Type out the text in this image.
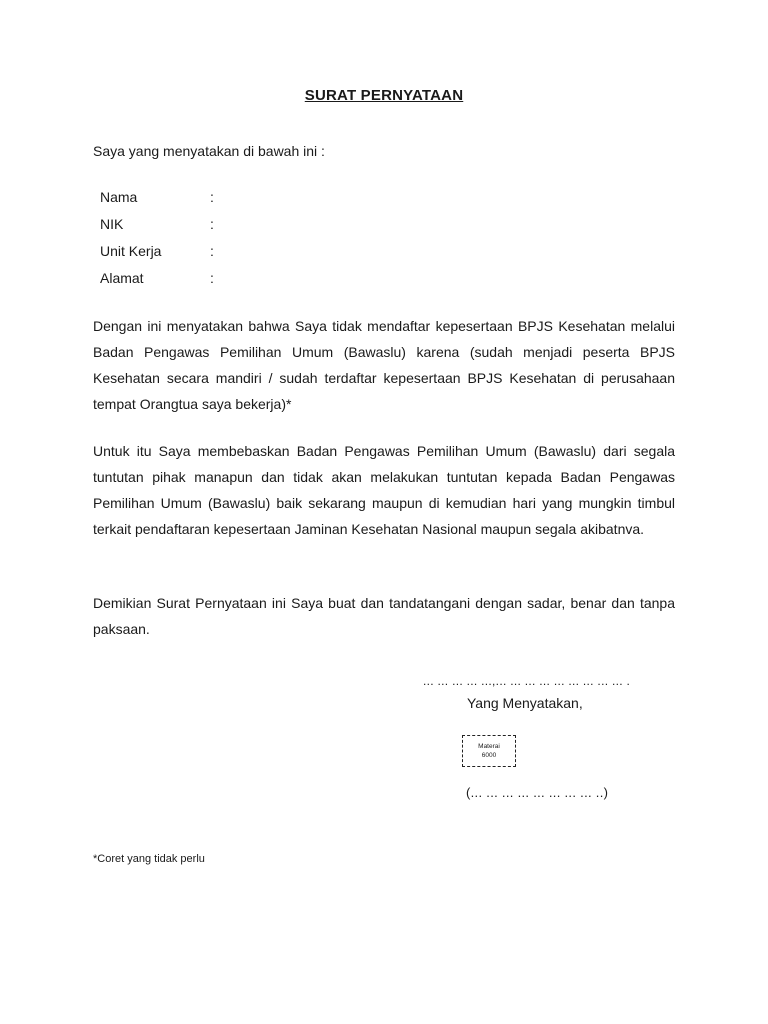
SURAT PERNYATAAN
Saya yang menyatakan di bawah ini :
Nama	:
NIK	:
Unit Kerja	:
Alamat	:
Dengan ini menyatakan bahwa Saya tidak mendaftar kepesertaan BPJS Kesehatan melalui Badan Pengawas Pemilihan Umum (Bawaslu) karena (sudah menjadi peserta BPJS Kesehatan secara mandiri / sudah terdaftar kepesertaan BPJS Kesehatan di perusahaan tempat Orangtua saya bekerja)*
Untuk itu Saya membebaskan Badan Pengawas Pemilihan Umum (Bawaslu) dari segala tuntutan pihak manapun dan tidak akan melakukan tuntutan kepada Badan Pengawas Pemilihan Umum (Bawaslu) baik sekarang maupun di kemudian hari yang mungkin timbul terkait pendaftaran kepesertaan Jaminan Kesehatan Nasional maupun segala akibatnva.
Demikian Surat Pernyataan ini Saya buat dan tandatangani dengan sadar, benar dan tanpa paksaan.
... ... ... ... ...,... ... ... ... ... ... ... ... ... .
Yang Menyatakan,
Materai
6000
(... ... ... ... ... ... ... ... ..)
*Coret yang tidak perlu
